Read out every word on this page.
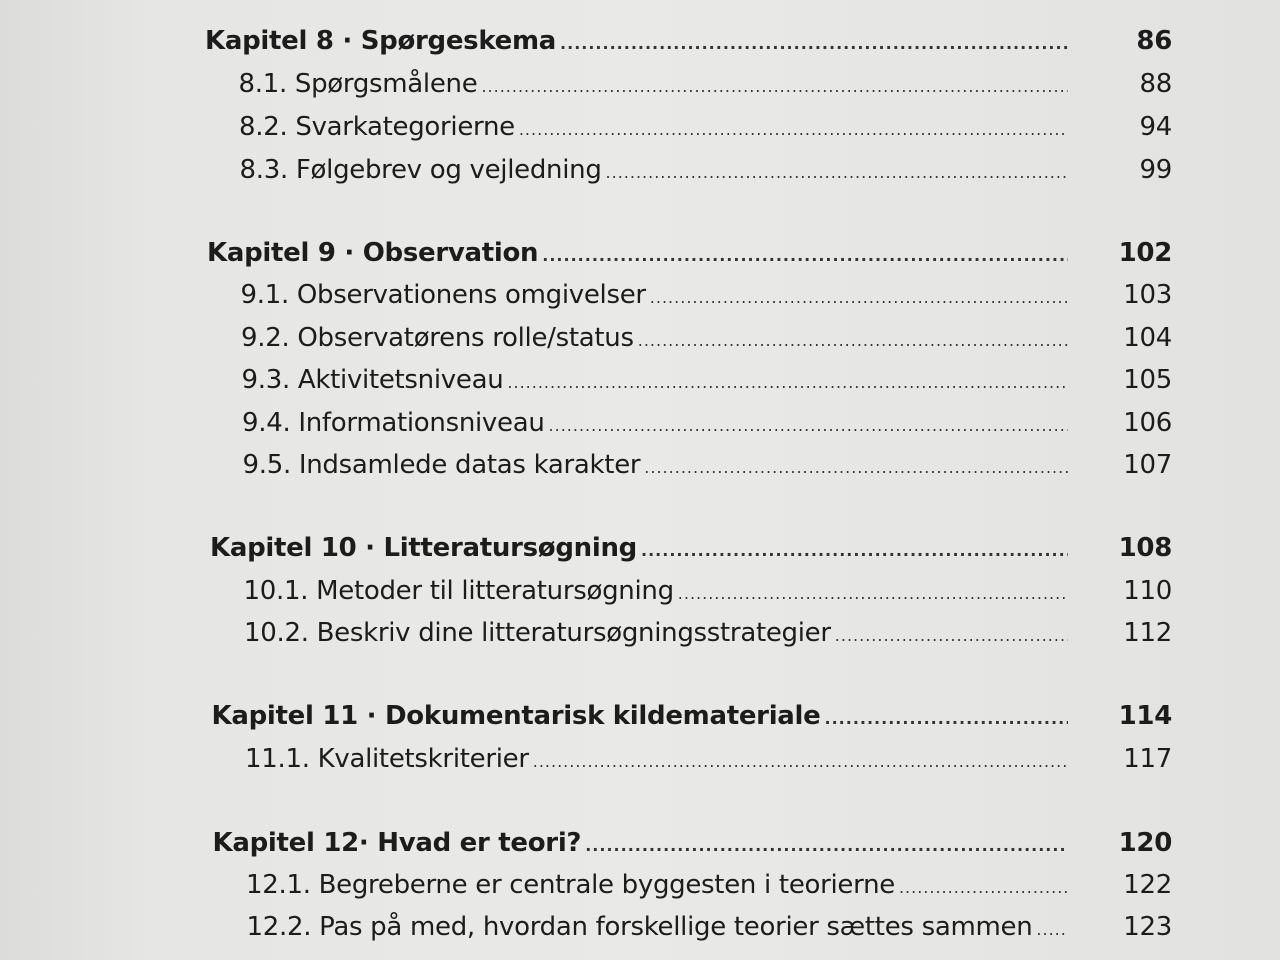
Kapitel 8 · Spørgeskema .....	86
8.1. Spørgsmålene .....	88
8.2. Svarkategorierne .....	94
8.3. Følgebrev og vejledning .....	99
Kapitel 9 · Observation .....	102
9.1. Observationens omgivelser .....	103
9.2. Observatørens rolle/status .....	104
9.3. Aktivitetsniveau .....	105
9.4. Informationsniveau .....	106
9.5. Indsamlede datas karakter .....	107
Kapitel 10 · Litteratursøgning .....	108
10.1. Metoder til litteratursøgning .....	110
10.2. Beskriv dine litteratursøgningsstrategier .....	112
Kapitel 11 · Dokumentarisk kildemateriale .....	114
11.1. Kvalitetskriterier .....	117
Kapitel 12· Hvad er teori? .....	120
12.1. Begreberne er centrale byggesten i teorierne .....	122
12.2. Pas på med, hvordan forskellige teorier sættes sammen .....	123
